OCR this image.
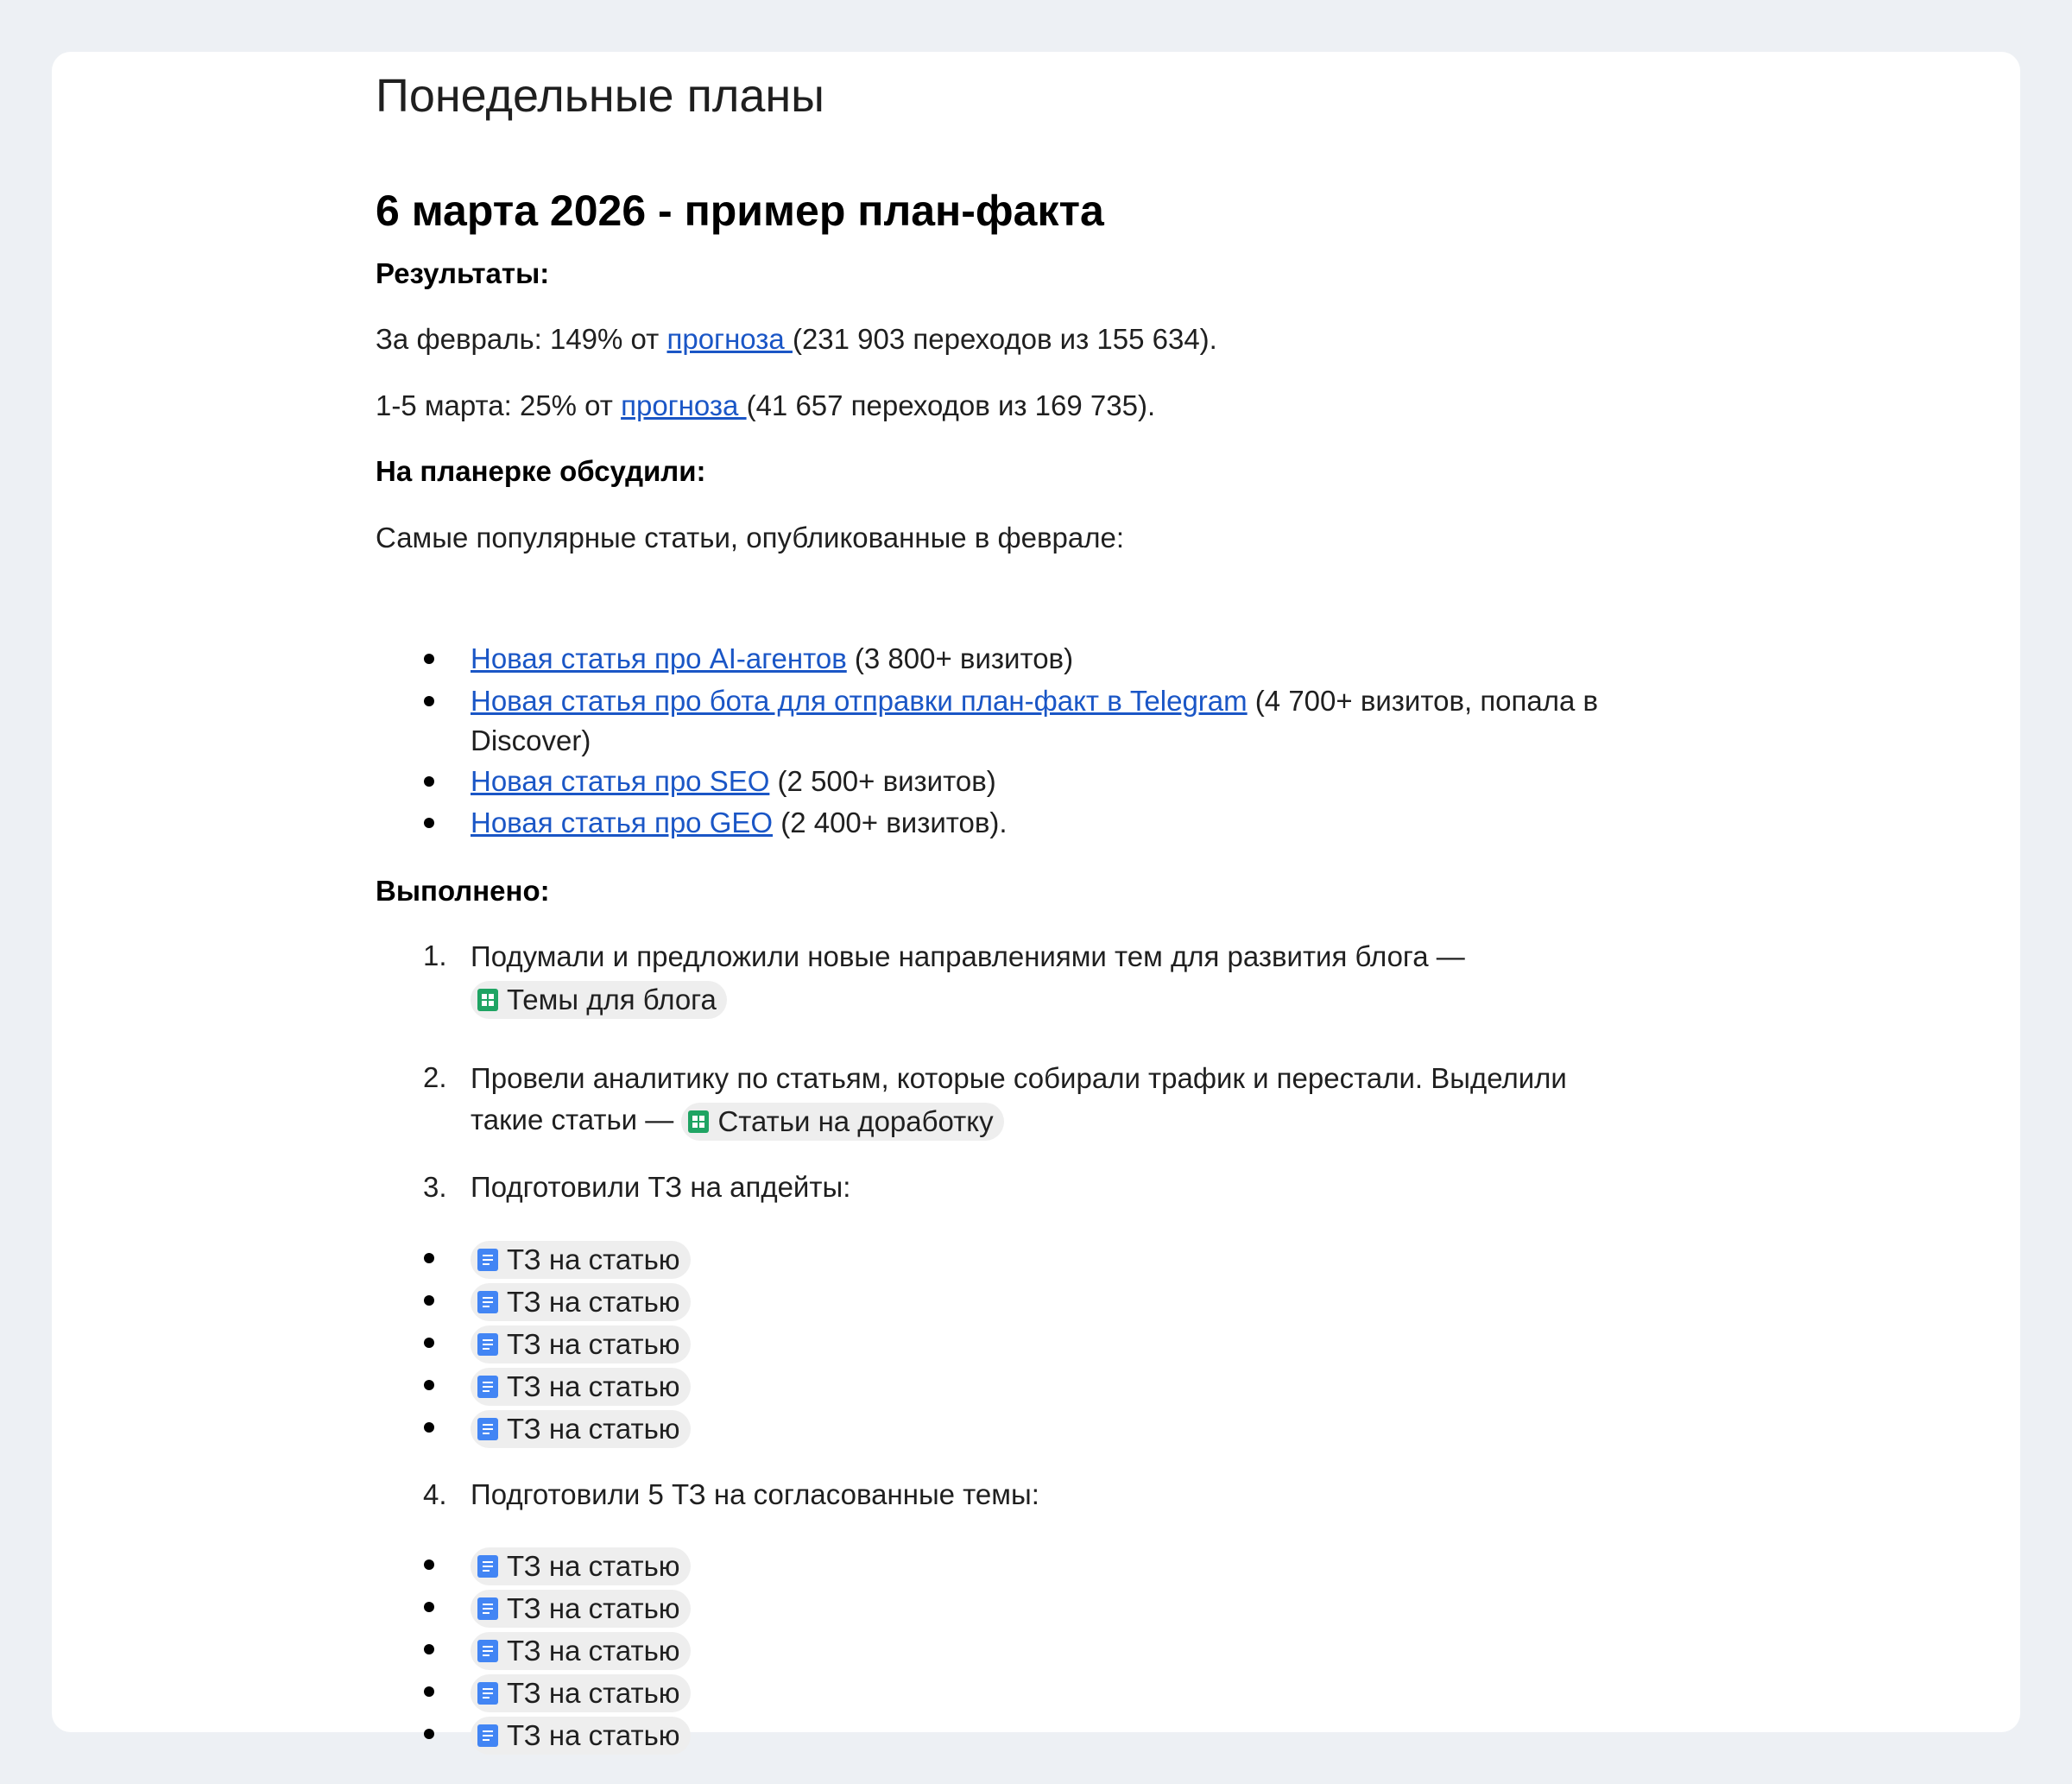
Понедельные планы
6 марта 2026 - пример план-факта
Результаты:
За февраль: 149% от прогноза (231 903 переходов из 155 634).
1-5 марта: 25% от прогноза (41 657 переходов из 169 735).
На планерке обсудили:
Самые популярные статьи, опубликованные в феврале:
Новая статья про AI-агентов (3 800+ визитов)
Новая статья про бота для отправки план-факт в Telegram (4 700+ визитов, попала в Discover)
Новая статья про SEO (2 500+ визитов)
Новая статья про GEO (2 400+ визитов).
Выполнено:
1. Подумали и предложили новые направлениями тем для развития блога —

Темы для блога
2. Провели аналитику по статьям, которые собирали трафик и перестали. Выделили такие статьи — Статьи на доработку
3. Подготовили ТЗ на апдейты:
ТЗ на статью
ТЗ на статью
ТЗ на статью
ТЗ на статью
ТЗ на статью
4. Подготовили 5 ТЗ на согласованные темы:
ТЗ на статью
ТЗ на статью
ТЗ на статью
ТЗ на статью
ТЗ на статью
